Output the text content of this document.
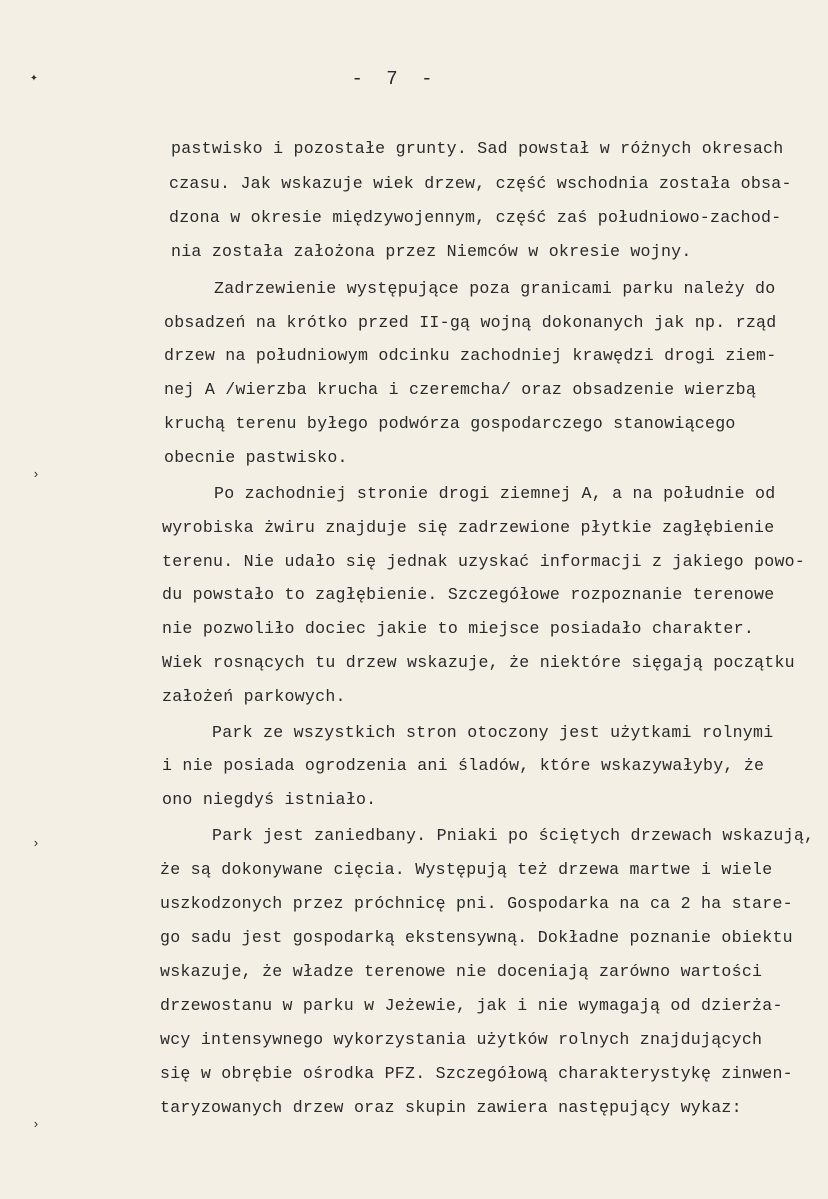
- 7 -
✦
›
›
›
pastwisko i pozostałe grunty. Sad powstał w różnych okresach
czasu. Jak wskazuje wiek drzew, część wschodnia została obsa-
dzona w okresie międzywojennym, część zaś południowo-zachod-
nia została założona przez Niemców w okresie wojny.
Zadrzewienie występujące poza granicami parku należy do
obsadzeń na krótko przed II-gą wojną dokonanych jak np. rząd
drzew na południowym odcinku zachodniej krawędzi drogi ziem-
nej A /wierzba krucha i czeremcha/ oraz obsadzenie wierzbą
kruchą terenu byłego podwórza gospodarczego stanowiącego
obecnie pastwisko.
Po zachodniej stronie drogi ziemnej A, a na południe od
wyrobiska żwiru znajduje się zadrzewione płytkie zagłębienie
terenu. Nie udało się jednak uzyskać informacji z jakiego powo-
du powstało to zagłębienie. Szczegółowe rozpoznanie terenowe
nie pozwoliło dociec jakie to miejsce posiadało charakter.
Wiek rosnących tu drzew wskazuje, że niektóre sięgają początku
założeń parkowych.
Park ze wszystkich stron otoczony jest użytkami rolnymi
i nie posiada ogrodzenia ani śladów, które wskazywałyby, że
ono niegdyś istniało.
Park jest zaniedbany. Pniaki po ściętych drzewach wskazują,
że są dokonywane cięcia. Występują też drzewa martwe i wiele
uszkodzonych przez próchnicę pni. Gospodarka na ca 2 ha stare-
go sadu jest gospodarką ekstensywną. Dokładne poznanie obiektu
wskazuje, że władze terenowe nie doceniają zarówno wartości
drzewostanu w parku w Jeżewie, jak i nie wymagają od dzierża-
wcy intensywnego wykorzystania użytków rolnych znajdujących
się w obrębie ośrodka PFZ. Szczegółową charakterystykę zinwen-
taryzowanych drzew oraz skupin zawiera następujący wykaz:
